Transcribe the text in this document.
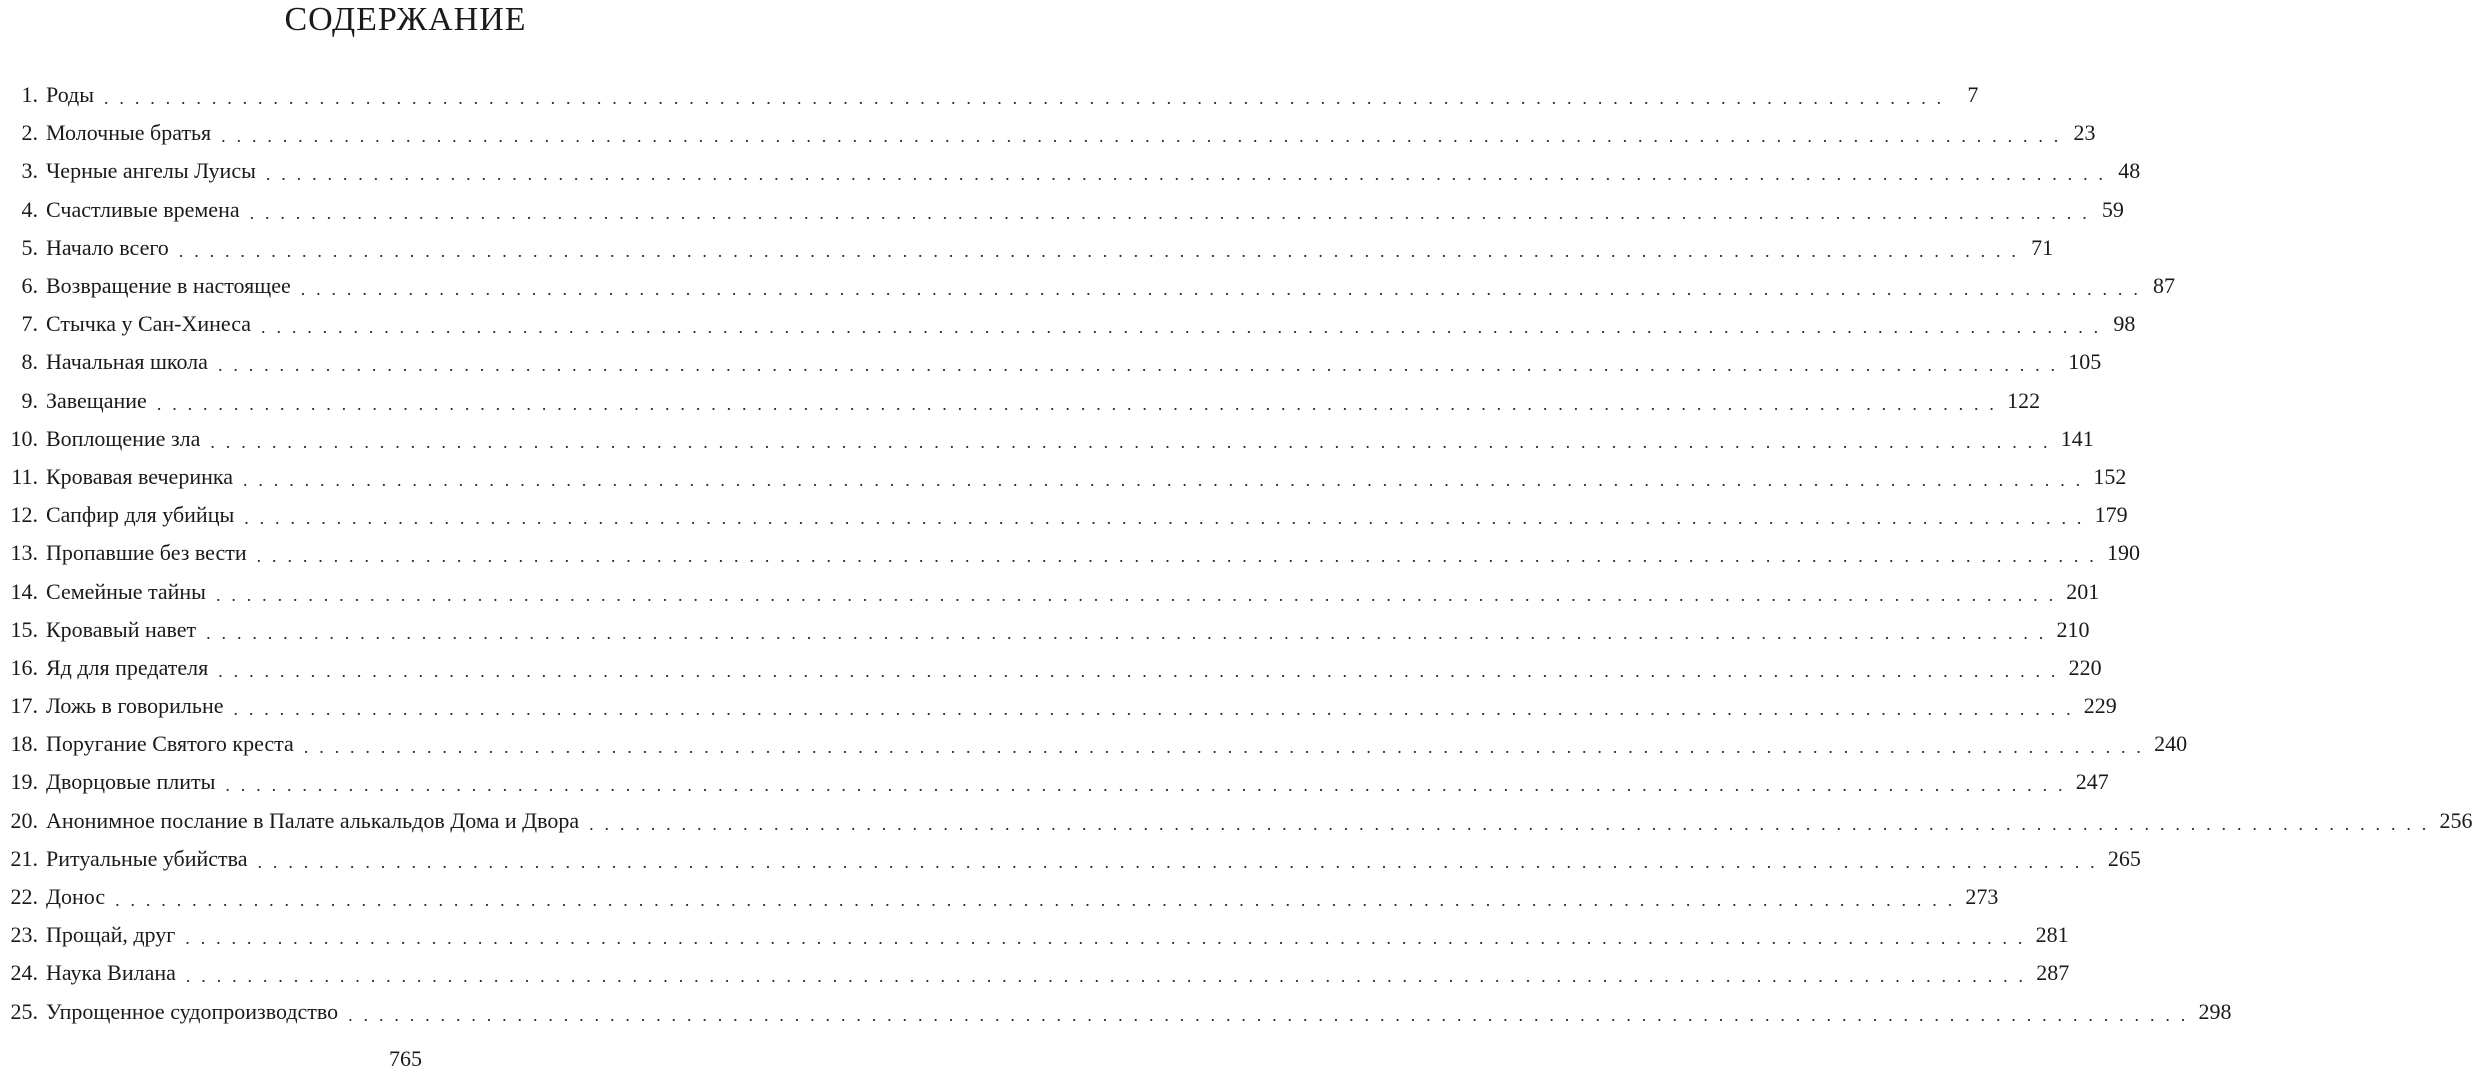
СОДЕРЖАНИЕ
1. Роды . . . . . . . . . . . . . . . . . . . . . . . . . . . . . . . . . . . . . . . . . . . . . . . . . . . . . . . . . . . . . . . . . . . . . . . . . . . . . . . . . . . . . . . . . . . . . . . . . . . . . . . . . . . . . . . . . . . . . . . .	7
2. Молочные братья . . . . . . . . . . . . . . . . . . . . . . . . . . . . . . . . . . . . . . . . . . . . . . . . . . . . . . . . . . . . . . . . . . . . . . . . . . . . . . . . . . . . . . . . . . . . . . . . . . . . . . . . . . . . . . . . . . . . . . . . 23
3. Черные ангелы Луисы . . . . . . . . . . . . . . . . . . . . . . . . . . . . . . . . . . . . . . . . . . . . . . . . . . . . . . . . . . . . . . . . . . . . . . . . . . . . . . . . . . . . . . . . . . . . . . . . . . . . . . . . . . . . . . . . . . . . . . . . 48
4. Счастливые времена . . . . . . . . . . . . . . . . . . . . . . . . . . . . . . . . . . . . . . . . . . . . . . . . . . . . . . . . . . . . . . . . . . . . . . . . . . . . . . . . . . . . . . . . . . . . . . . . . . . . . . . . . . . . . . . . . . . . . . . . 59
5. Начало всего . . . . . . . . . . . . . . . . . . . . . . . . . . . . . . . . . . . . . . . . . . . . . . . . . . . . . . . . . . . . . . . . . . . . . . . . . . . . . . . . . . . . . . . . . . . . . . . . . . . . . . . . . . . . . . . . . . . . . . . . 71
6. Возвращение в настоящее . . . . . . . . . . . . . . . . . . . . . . . . . . . . . . . . . . . . . . . . . . . . . . . . . . . . . . . . . . . . . . . . . . . . . . . . . . . . . . . . . . . . . . . . . . . . . . . . . . . . . . . . . . . . . . . . . . . . . . . . 87
7. Стычка у Сан-Хинеса . . . . . . . . . . . . . . . . . . . . . . . . . . . . . . . . . . . . . . . . . . . . . . . . . . . . . . . . . . . . . . . . . . . . . . . . . . . . . . . . . . . . . . . . . . . . . . . . . . . . . . . . . . . . . . . . . . . . . . . . 98
8. Начальная школа . . . . . . . . . . . . . . . . . . . . . . . . . . . . . . . . . . . . . . . . . . . . . . . . . . . . . . . . . . . . . . . . . . . . . . . . . . . . . . . . . . . . . . . . . . . . . . . . . . . . . . . . . . . . . . . . . . . . . . . . 105
9. Завещание . . . . . . . . . . . . . . . . . . . . . . . . . . . . . . . . . . . . . . . . . . . . . . . . . . . . . . . . . . . . . . . . . . . . . . . . . . . . . . . . . . . . . . . . . . . . . . . . . . . . . . . . . . . . . . . . . . . . . . . . 122
10. Воплощение зла . . . . . . . . . . . . . . . . . . . . . . . . . . . . . . . . . . . . . . . . . . . . . . . . . . . . . . . . . . . . . . . . . . . . . . . . . . . . . . . . . . . . . . . . . . . . . . . . . . . . . . . . . . . . . . . . . . . . . . . . 141
11. Кровавая вечеринка . . . . . . . . . . . . . . . . . . . . . . . . . . . . . . . . . . . . . . . . . . . . . . . . . . . . . . . . . . . . . . . . . . . . . . . . . . . . . . . . . . . . . . . . . . . . . . . . . . . . . . . . . . . . . . . . . . . . . . . . 152
12. Сапфир для убийцы . . . . . . . . . . . . . . . . . . . . . . . . . . . . . . . . . . . . . . . . . . . . . . . . . . . . . . . . . . . . . . . . . . . . . . . . . . . . . . . . . . . . . . . . . . . . . . . . . . . . . . . . . . . . . . . . . . . . . . . . 179
13. Пропавшие без вести . . . . . . . . . . . . . . . . . . . . . . . . . . . . . . . . . . . . . . . . . . . . . . . . . . . . . . . . . . . . . . . . . . . . . . . . . . . . . . . . . . . . . . . . . . . . . . . . . . . . . . . . . . . . . . . . . . . . . . . . 190
14. Семейные тайны . . . . . . . . . . . . . . . . . . . . . . . . . . . . . . . . . . . . . . . . . . . . . . . . . . . . . . . . . . . . . . . . . . . . . . . . . . . . . . . . . . . . . . . . . . . . . . . . . . . . . . . . . . . . . . . . . . . . . . . . 201
15. Кровавый навет . . . . . . . . . . . . . . . . . . . . . . . . . . . . . . . . . . . . . . . . . . . . . . . . . . . . . . . . . . . . . . . . . . . . . . . . . . . . . . . . . . . . . . . . . . . . . . . . . . . . . . . . . . . . . . . . . . . . . . . . 210
16. Яд для предателя . . . . . . . . . . . . . . . . . . . . . . . . . . . . . . . . . . . . . . . . . . . . . . . . . . . . . . . . . . . . . . . . . . . . . . . . . . . . . . . . . . . . . . . . . . . . . . . . . . . . . . . . . . . . . . . . . . . . . . . . 220
17. Ложь в говорильне . . . . . . . . . . . . . . . . . . . . . . . . . . . . . . . . . . . . . . . . . . . . . . . . . . . . . . . . . . . . . . . . . . . . . . . . . . . . . . . . . . . . . . . . . . . . . . . . . . . . . . . . . . . . . . . . . . . . . . . . 229
18. Поругание Святого креста . . . . . . . . . . . . . . . . . . . . . . . . . . . . . . . . . . . . . . . . . . . . . . . . . . . . . . . . . . . . . . . . . . . . . . . . . . . . . . . . . . . . . . . . . . . . . . . . . . . . . . . . . . . . . . . . . . . . . . . . 240
19. Дворцовые плиты . . . . . . . . . . . . . . . . . . . . . . . . . . . . . . . . . . . . . . . . . . . . . . . . . . . . . . . . . . . . . . . . . . . . . . . . . . . . . . . . . . . . . . . . . . . . . . . . . . . . . . . . . . . . . . . . . . . . . . . . 247
20. Анонимное послание в Палате алькальдов Дома и Двора . . . . . . . . . . . . . . . . . . . . . . . . . . . . . . . . . . . . . . . . . . . . . . . . . . . . . . . . . . . . . . . . . . . . . . . . . . . . . . . . . . . . . . . . . . . . . . . . . . . . . . . . . . . . . . . . . . . . . . . . 256
21. Ритуальные убийства . . . . . . . . . . . . . . . . . . . . . . . . . . . . . . . . . . . . . . . . . . . . . . . . . . . . . . . . . . . . . . . . . . . . . . . . . . . . . . . . . . . . . . . . . . . . . . . . . . . . . . . . . . . . . . . . . . . . . . . . 265
22. Донос . . . . . . . . . . . . . . . . . . . . . . . . . . . . . . . . . . . . . . . . . . . . . . . . . . . . . . . . . . . . . . . . . . . . . . . . . . . . . . . . . . . . . . . . . . . . . . . . . . . . . . . . . . . . . . . . . . . . . . . . 273
23. Прощай, друг . . . . . . . . . . . . . . . . . . . . . . . . . . . . . . . . . . . . . . . . . . . . . . . . . . . . . . . . . . . . . . . . . . . . . . . . . . . . . . . . . . . . . . . . . . . . . . . . . . . . . . . . . . . . . . . . . . . . . . . . 281
24. Наука Вилана . . . . . . . . . . . . . . . . . . . . . . . . . . . . . . . . . . . . . . . . . . . . . . . . . . . . . . . . . . . . . . . . . . . . . . . . . . . . . . . . . . . . . . . . . . . . . . . . . . . . . . . . . . . . . . . . . . . . . . . . 287
25. Упрощенное судопроизводство . . . . . . . . . . . . . . . . . . . . . . . . . . . . . . . . . . . . . . . . . . . . . . . . . . . . . . . . . . . . . . . . . . . . . . . . . . . . . . . . . . . . . . . . . . . . . . . . . . . . . . . . . . . . . . . . . . . . . . . . 298
765
